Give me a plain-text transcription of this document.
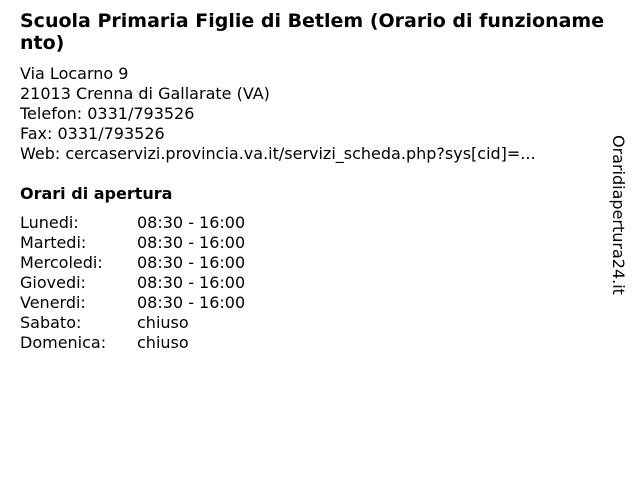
Scuola Primaria Figlie di Betlem (Orario di funzionamento)
Via Locarno 9
21013 Crenna di Gallarate (VA)
Telefon: 0331/793526
Fax: 0331/793526
Web: cercaservizi.provincia.va.it/servizi_scheda.php?sys[cid]=...
Orari di apertura
Lunedi:	08:30 - 16:00
Martedi:	08:30 - 16:00
Mercoledi: 08:30 - 16:00
Giovedi:	08:30 - 16:00
Venerdi:	08:30 - 16:00
Sabato:	chiuso
Domenica: chiuso
Oraridiapertura24.it
